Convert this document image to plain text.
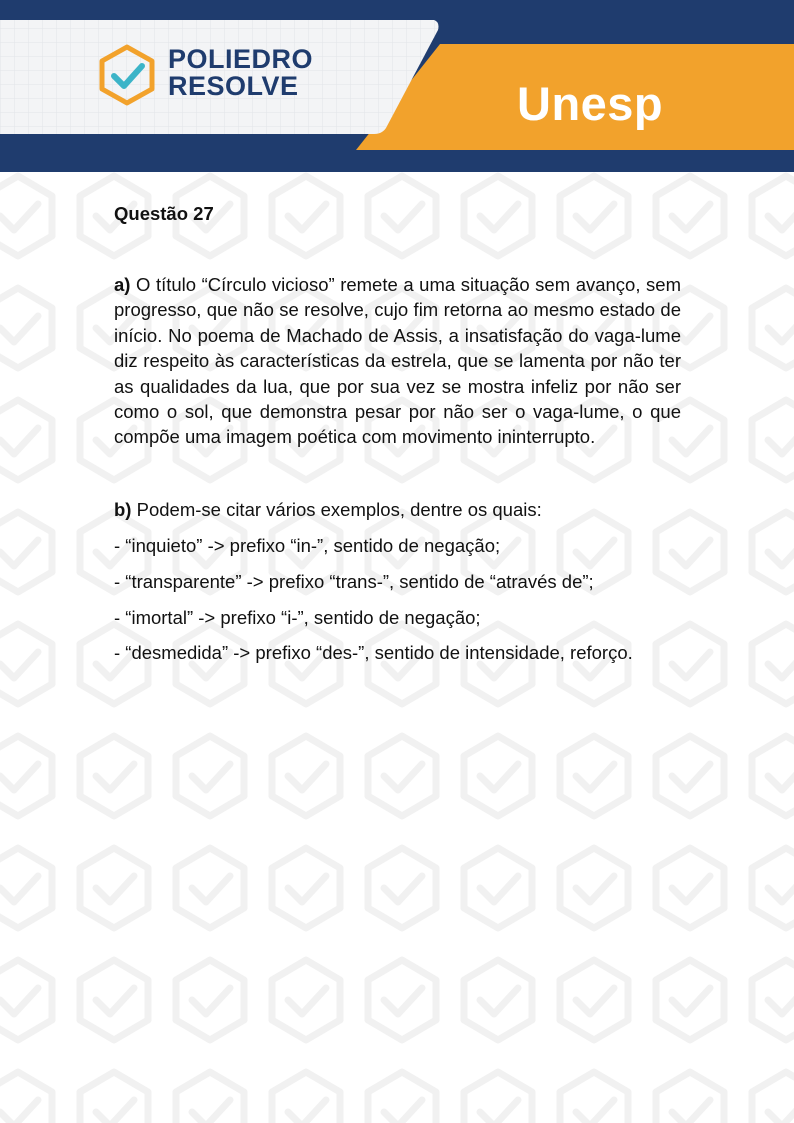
POLIEDRO
RESOLVE	Unesp

Questão 27

a) O título “Círculo vicioso” remete a uma situação sem avanço, sem progresso, que não se resolve, cujo fim retorna ao mesmo estado de início. No poema de Machado de Assis, a insatisfação do vaga-lume diz respeito às características da estrela, que se lamenta por não ter as qualidades da lua, que por sua vez se mostra infeliz por não ser como o sol, que demonstra pesar por não ser o vaga-lume, o que compõe uma imagem poética com movimento ininterrupto.

b) Podem-se citar vários exemplos, dentre os quais:

- “inquieto” -> prefixo “in-”, sentido de negação;

- “transparente” -> prefixo “trans-”, sentido de “através de”;

- “imortal” -> prefixo “i-”, sentido de negação;

- “desmedida” -> prefixo “des-”, sentido de intensidade, reforço.
